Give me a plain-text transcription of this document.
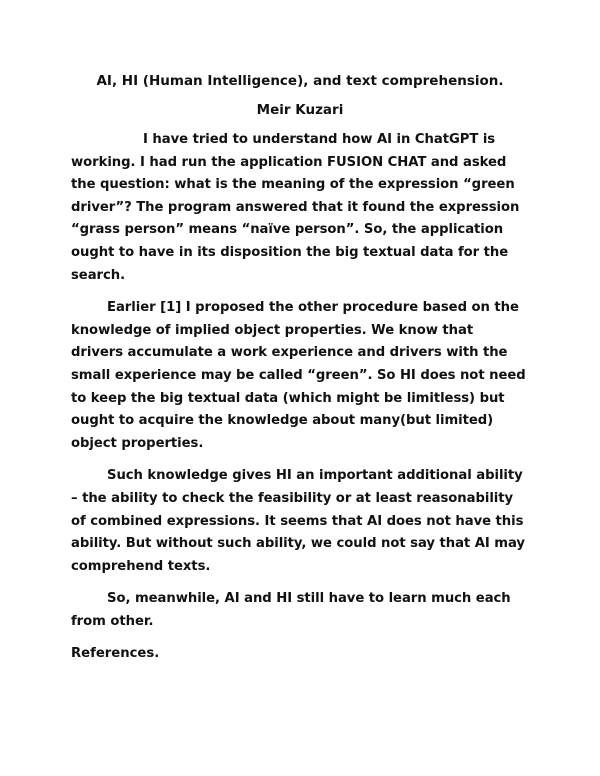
AI, HI (Human Intelligence), and text comprehension.
Meir Kuzari

I have tried to understand how AI in ChatGPT is working. I had run the application FUSION CHAT and asked the question: what is the meaning of the expression “green driver”? The program answered that it found the expression “grass person” means “naïve person”. So, the application ought to have in its disposition the big textual data for the search.

Earlier [1] I proposed the other procedure based on the knowledge of implied object properties. We know that drivers accumulate a work experience and drivers with the small experience may be called “green”. So HI does not need to keep the big textual data (which might be limitless) but ought to acquire the knowledge about many(but limited) object properties.

Such knowledge gives HI an important additional ability – the ability to check the feasibility or at least reasonability of combined expressions. It seems that AI does not have this ability. But without such ability, we could not say that AI may comprehend texts.

So, meanwhile, AI and HI still have to learn much each from other.

References.
